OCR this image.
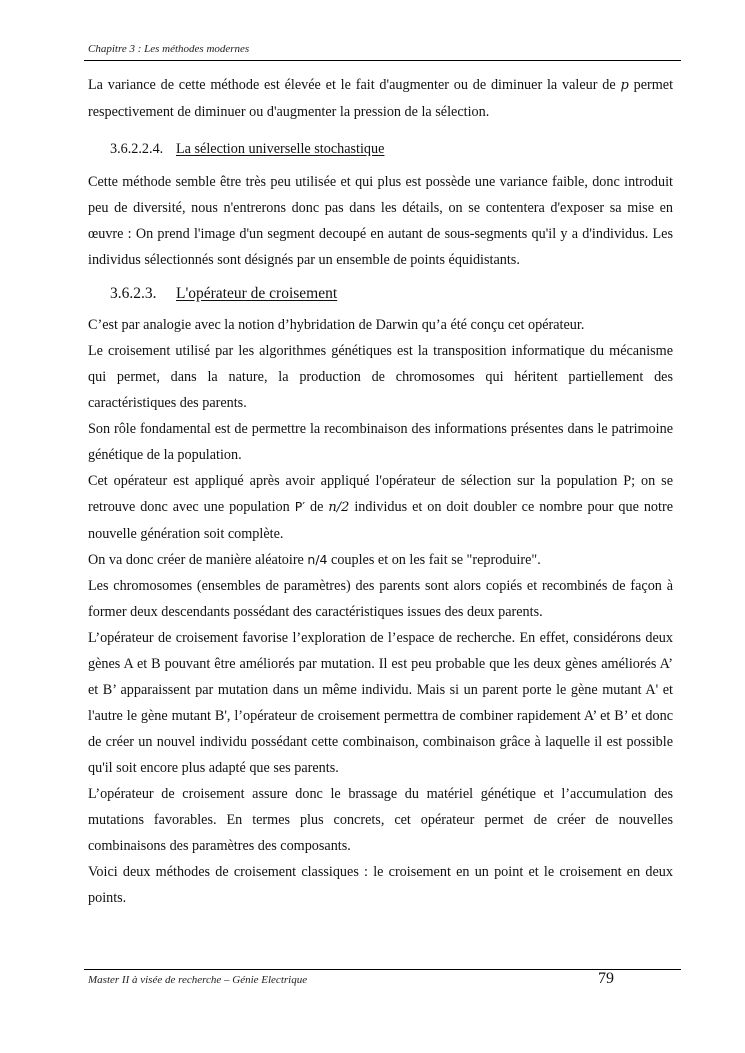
Chapitre 3 : Les méthodes modernes

La variance de cette méthode est élevée et le fait d'augmenter ou de diminuer la valeur de p permet respectivement de diminuer ou d'augmenter la pression de la sélection.

3.6.2.2.4. La sélection universelle stochastique

Cette méthode semble être très peu utilisée et qui plus est possède une variance faible, donc introduit peu de diversité, nous n'entrerons donc pas dans les détails, on se contentera d'exposer sa mise en œuvre : On prend l'image d'un segment decoupé en autant de sous-segments qu'il y a d'individus. Les individus sélectionnés sont désignés par un ensemble de points équidistants.

3.6.2.3. L'opérateur de croisement

C’est par analogie avec la notion d’hybridation de Darwin qu’a été conçu cet opérateur.

Le croisement utilisé par les algorithmes génétiques est la transposition informatique du mécanisme qui permet, dans la nature, la production de chromosomes qui héritent partiellement des caractéristiques des parents.

Son rôle fondamental est de permettre la recombinaison des informations présentes dans le patrimoine génétique de la population.

Cet opérateur est appliqué après avoir appliqué l'opérateur de sélection sur la population P; on se retrouve donc avec une population P′ de n/2 individus et on doit doubler ce nombre pour que notre nouvelle génération soit complète.

On va donc créer de manière aléatoire n/4 couples et on les fait se "reproduire".

Les chromosomes (ensembles de paramètres) des parents sont alors copiés et recombinés de façon à former deux descendants possédant des caractéristiques issues des deux parents.

L’opérateur de croisement favorise l’exploration de l’espace de recherche. En effet, considérons deux gènes A et B pouvant être améliorés par mutation. Il est peu probable que les deux gènes améliorés A’ et B’ apparaissent par mutation dans un même individu. Mais si un parent porte le gène mutant A' et l'autre le gène mutant B', l’opérateur de croisement permettra de combiner rapidement A’ et B’ et donc de créer un nouvel individu possédant cette combinaison, combinaison grâce à laquelle il est possible qu'il soit encore plus adapté que ses parents.

L’opérateur de croisement assure donc le brassage du matériel génétique et l’accumulation des mutations favorables. En termes plus concrets, cet opérateur permet de créer de nouvelles combinaisons des paramètres des composants.

Voici deux méthodes de croisement classiques : le croisement en un point et le croisement en deux points.

Master II à visée de recherche – Génie Electrique	79
